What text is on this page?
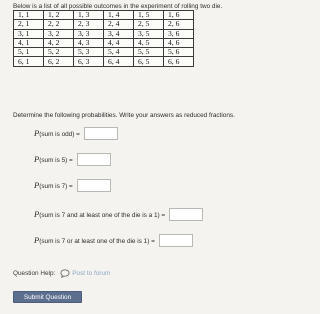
Below is a list of all possible outcomes in the experiment of rolling two die.
1, 1	1, 2	1, 3	1, 4	1, 5	1, 6
2, 1	2, 2	2, 3	2, 4	2, 5	2, 6
3, 1	3, 2	3, 3	3, 4	3, 5	3, 6
4, 1	4, 2	4, 3	4, 4	4, 5	4, 6
5, 1	5, 2	5, 3	5, 4	5, 5	5, 6
6, 1	6, 2	6, 3	6, 4	6, 5	6, 6
Determine the following probabilities. Write your answers as reduced fractions.
P(sum is odd) =
P(sum is 5) =
P(sum is 7) =
P(sum is 7 and at least one of the die is a 1) =
P(sum is 7 or at least one of the die is 1) =
Question Help:	Post to forum
Submit Question
